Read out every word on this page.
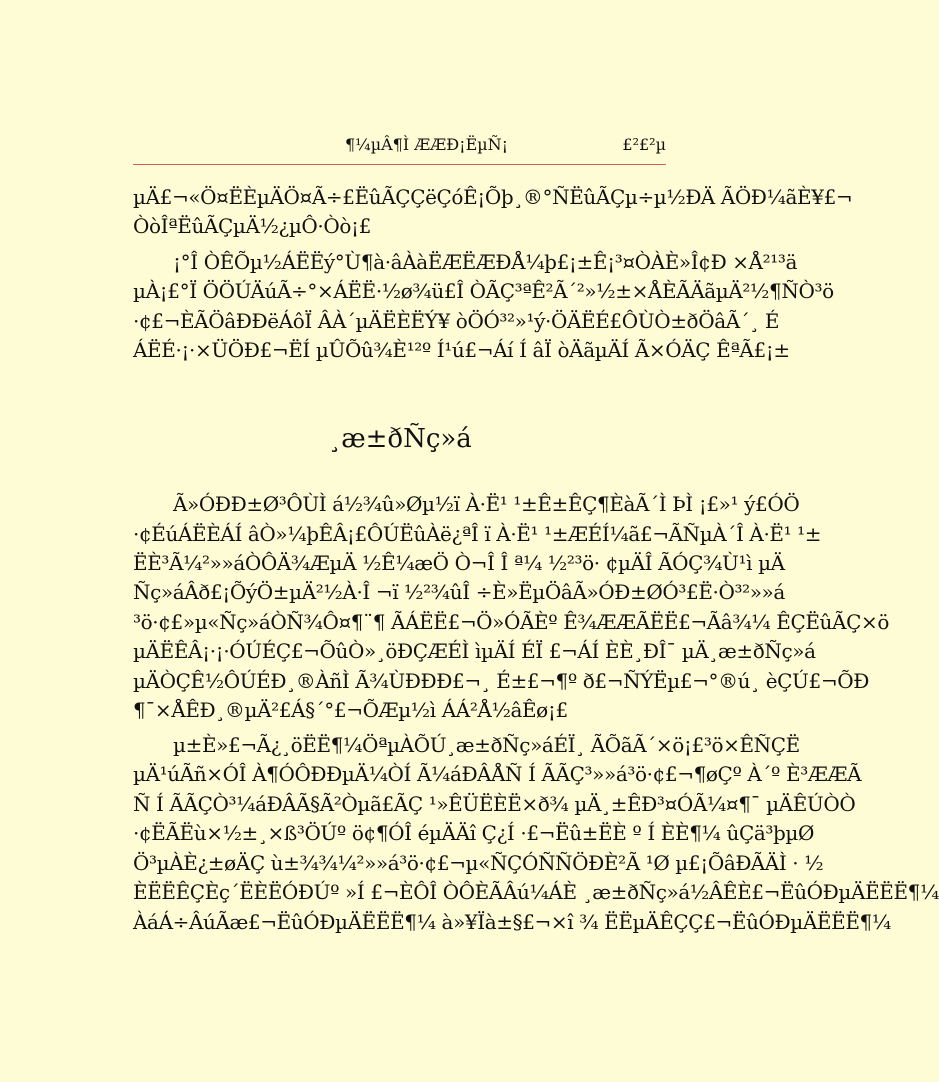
¶¼µÂ¶Ì ÆÆÐ¡ËµÑ¡	£²£²µ
µÄ£¬«Ö¤ËÈµÄÖ¤Ã÷£ËûÃÇÇëÇóÊ¡Õþ¸®°ÑËûÃÇµ÷µ½ÐÄ ÃÖÐ¼ãÈ¥£¬
ÒòÎªËûÃÇµÄ½¿µÔ·Òò¡£
¡°Î ÒÊÕµ½ÁËËý°Ù¶à·âÀàËÆËÆÐÅ¼þ£¡±Ê¡³¤ÒÀÈ»Î¢Ð ×Å²¹³ä
µÀ¡£°Ï ÖÖÚÄúÃ÷°×ÁËË·½ø¾ü£Î ÒÃÇ³ªÊ²Ã´²»½±×ÅÈÃÄãµÄ²½¶ÑÒ³ö
·¢£¬ÈÃÖâÐÐëÁôÏ ÂÀ´µÄËÈËÝ¥ òÖÓ³²»¹ý·ÖÄËÉ£ÔÙÒ±ðÖâÃ´¸ É
ÁËÉ·¡·×ÜÖÐ£¬ËÍ µÛÕû¾È¹²º Í¹ú£¬Áí Í âÏ òÄãµÄÍ Ã×ÓÄÇ ÊªÃ£¡±
¸æ±ðÑç»á
Ã»ÓÐÐ±Ø³ÔÙÌ á½¾û»Øµ½ï À·Ë¹ ¹±Ê±ÊÇ¶ÈàÃ´Ì ÞÌ ¡£»¹ ý£ÓÖ
·¢ÉúÁËÈÁÍ âÒ»¼þÊÂ¡£ÔÚËûÀë¿ªÎ ï À·Ë¹ ¹±ÆÉÍ¼ã£¬ÃÑµÀ´Î À·Ë¹ ¹±
ËÈ³Ã¼²»»áÒÔÄ¾ÆµÄ ½Ê¼æÖ Ò¬Î Î ª¼ ½²³ö· ¢µÄÎ ÃÓÇ¾Ù¹ì µÄ
Ñç»áÂð£¡ÕýÖ±µÄ²½À·Î ¬ï ½²¾ûÎ ÷È»ËµÖâÃ»ÓÐ±ØÓ³£Ë·Ò³²»»á
³ö·¢£»µ«Ñç»áÒÑ¾Ô¤¶¨¶ ÃÁËË£¬Ö»ÓÃÈº Ê¾ÆÆÃËË£¬Ãâ¾¼ ÊÇËûÃÇ×ö
µÄËÊÂ¡·¡·ÓÚÉÇ£¬ÕûÒ»¸öÐÇÆÉÌ ìµÄÍ ÉÏ £¬ÁÍ ÈÈ¸ÐÎ¯ µÄ¸æ±ðÑç»á
µÄÒÇÊ½ÔÚÉÐ¸®ÀñÌ Ã¾ÙÐÐÐ£¬¸ É±£¬¶º ð£¬ÑÝËµ£¬°®ú¸ èÇÚ£¬ÕÐ
¶¯×ÅÊÐ¸®µÄ²£Á§´°£¬ÕÆµ½ì ÁÁ²Å½âÊø¡£
µ±È»£¬Ã¿¸öËË¶¼ÖªµÀÕÚ¸æ±ðÑç»áÉÏ¸ ÃÕãÃ´×ö¡£³ö×ÊÑÇË
µÄ¹úÃñ×ÓÎ À¶ÓÔÐÐµÄ¼ÒÍ Ã¼áÐÂÅÑ Í ÃÃÇ³»»á³ö·¢£¬¶øÇº À´º È³ÆÆÃ
Ñ Í ÃÃÇÒ³¼áÐÂÃ§Ã²Òµã£ÃÇ ¹»ÊÜËÈË×ð¾ µÄ¸±ÊÐ³¤ÓÃ¼¤¶¯ µÄÊÚÒÒ
·¢ËÃËù×½±¸×ß³ÖÚº ö¢¶ÓÎ éµÄÄî Ç¿Í ·£¬Ëû±ËÈ º Í ÈÈ¶¼ ûÇä³þµØ
Ö³µÀÈ¿±øÄÇ ù±¾¾¼²»»á³ö·¢£¬µ«ÑÇÓÑÑÖÐÈ²Ã ¹Ø µ£¡ÕâÐÃÄÌ · ½
ÈËËÊÇÈç´ËÈËÓÐÚº »Í £¬ÈÔÎ ÒÔÈÃÂú¼ÁÈ ¸æ±ðÑç»á½ÂÊÈ£¬ËûÓÐµÄËËË¶¼
ÀáÁ÷ÂúÃæ£¬ËûÓÐµÄËËË¶¼ à»¥Ïà±§£¬×î ¾ ËËµÄÊÇÇ£¬ËûÓÐµÄËËË¶¼
